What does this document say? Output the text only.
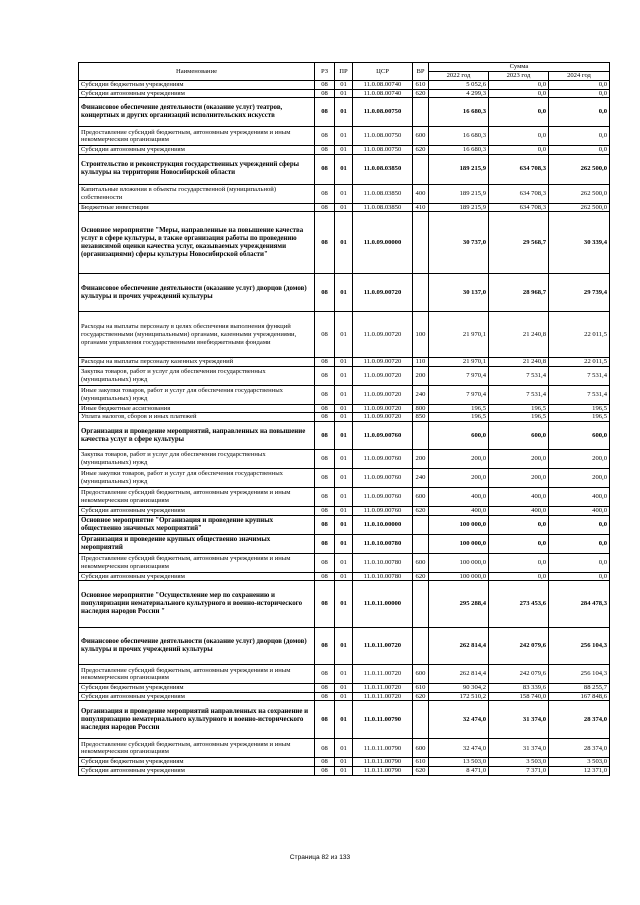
Наименование	РЗ	ПР	ЦСР	ВР	Сумма		
					2022 год	2023 год	2024 год
Субсидии бюджетным учреждениям	08	01	11.0.08.00740	610	5 052,6	0,0	0,0
Субсидии автономным учреждениям	08	01	11.0.08.00740	620	4 299,3	0,0	0,0
Финансовое обеспечение деятельности (оказание услуг) театров, концертных и других организаций исполнительских искусств	08	01	11.0.08.00750		16 680,3	0,0	0,0
Предоставление субсидий бюджетным, автономным учреждениям и иным некоммерческим организациям	08	01	11.0.08.00750	600	16 680,3	0,0	0,0
Субсидии автономным учреждениям	08	01	11.0.08.00750	620	16 680,3	0,0	0,0
Строительство и реконструкция государственных учреждений сферы культуры на территории Новосибирской области	08	01	11.0.08.03850		189 215,9	634 708,3	262 500,0
Капитальные вложения в объекты государственной (муниципальной) собственности	08	01	11.0.08.03850	400	189 215,9	634 708,3	262 500,0
Бюджетные инвестиции	08	01	11.0.08.03850	410	189 215,9	634 708,3	262 500,0
Основное мероприятие "Меры, направленные на повышение качества услуг в сфере культуры, в также организация работы по проведению независимой оценки качества услуг, оказываемых учреждениями (организациями) сферы культуры Новосибирской области"	08	01	11.0.09.00000		30 737,0	29 568,7	30 339,4
Финансовое обеспечение деятельности (оказание услуг) дворцов (домов) культуры и прочих учреждений культуры	08	01	11.0.09.00720		30 137,0	28 968,7	29 739,4
Расходы на выплаты персоналу в целях обеспечения выполнения функций государственными (муниципальными) органами, казенными учреждениями, органами управления государственными внебюджетными фондами	08	01	11.0.09.00720	100	21 970,1	21 240,8	22 011,5
Расходы на выплаты персоналу казенных учреждений	08	01	11.0.09.00720	110	21 970,1	21 240,8	22 011,5
Закупка товаров, работ и услуг для обеспечения государственных (муниципальных) нужд	08	01	11.0.09.00720	200	7 970,4	7 531,4	7 531,4
Иные закупки товаров, работ и услуг для обеспечения государственных (муниципальных) нужд	08	01	11.0.09.00720	240	7 970,4	7 531,4	7 531,4
Иные бюджетные ассигнования	08	01	11.0.09.00720	800	196,5	196,5	196,5
Уплата налогов, сборов и иных платежей	08	01	11.0.09.00720	850	196,5	196,5	196,5
Организация и проведение мероприятий, направленных на повышение качества услуг в сфере культуры	08	01	11.0.09.00760		600,0	600,0	600,0
Закупка товаров, работ и услуг для обеспечения государственных (муниципальных) нужд	08	01	11.0.09.00760	200	200,0	200,0	200,0
Иные закупки товаров, работ и услуг для обеспечения государственных (муниципальных) нужд	08	01	11.0.09.00760	240	200,0	200,0	200,0
Предоставление субсидий бюджетным, автономным учреждениям и иным некоммерческим организациям	08	01	11.0.09.00760	600	400,0	400,0	400,0
Субсидии автономным учреждениям	08	01	11.0.09.00760	620	400,0	400,0	400,0
Основное мероприятие "Организация и проведение крупных общественно значимых мероприятий"	08	01	11.0.10.00000		100 000,0	0,0	0,0
Организация и проведение крупных общественно значимых мероприятий	08	01	11.0.10.00780		100 000,0	0,0	0,0
Предоставление субсидий бюджетным, автономным учреждениям и иным некоммерческим организациям	08	01	11.0.10.00780	600	100 000,0	0,0	0,0
Субсидии автономным учреждениям	08	01	11.0.10.00780	620	100 000,0	0,0	0,0
Основное мероприятие "Осуществление мер по сохранению и популяризации нематериального культурного и военно-исторического наследия народов России "	08	01	11.0.11.00000		295 288,4	273 453,6	284 478,3
Финансовое обеспечение деятельности (оказание услуг) дворцов (домов) культуры и прочих учреждений культуры	08	01	11.0.11.00720		262 814,4	242 079,6	256 104,3
Предоставление субсидий бюджетным, автономным учреждениям и иным некоммерческим организациям	08	01	11.0.11.00720	600	262 814,4	242 079,6	256 104,3
Субсидии бюджетным учреждениям	08	01	11.0.11.00720	610	90 304,2	83 339,6	88 255,7
Субсидии автономным учреждениям	08	01	11.0.11.00720	620	172 510,2	158 740,0	167 848,6
Организация и проведение мероприятий направленных на сохранение и популяризацию нематериального культурного и военно-исторического наследия народов России	08	01	11.0.11.00790		32 474,0	31 374,0	28 374,0
Предоставление субсидий бюджетным, автономным учреждениям и иным некоммерческим организациям	08	01	11.0.11.00790	600	32 474,0	31 374,0	28 374,0
Субсидии бюджетным учреждениям	08	01	11.0.11.00790	610	13 503,0	3 503,0	3 503,0
Субсидии автономным учреждениям	08	01	11.0.11.00790	620	8 471,0	7 371,0	12 371,0
Страница 82 из 133
